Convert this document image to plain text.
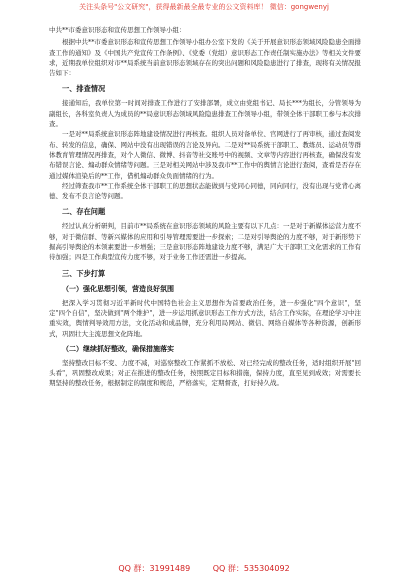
关注头条号"公文研究"，获得最新最全最专业的公文资料库！ 微信：gongwenyj

中共**市委意识形态和宣传思想工作领导小组：

根据中共**市委意识形态和宣传思想工作领导小组办公室下发的《关于开展意识形态领域风险隐患全面排查工作的通知》及《中国共产党宣传工作条例》、《党委（党组）意识形态工作责任制实施办法》等相关文件要求，近期我单位组织对市**局系统当前意识形态领域存在的突出问题和风险隐患进行了排查，现将有关情况报告如下：

一、排查情况

接通知后，我单位第一时间对排查工作进行了安排部署，成立由党组书记、局长***为组长，分管领导为副组长，各科室负责人为成员的**局意识形态领域风险隐患排查工作领导小组，带领全体干部职工参与本次排查。

一是对**局系统意识形态阵地建设情况进行再核查。组织人员对备单位、官网进行了再审核，通过查阅发布、转发的信息，确保、网站中没有出现错误的言论及异向。二是对**局系统干部职工、教练员、运动员等群体教育管理情况再排查，对个人微信、微博、抖音等社交账号中的视频、文章等内容进行再核查，确保没有发布错误言论、煽动群众情绪等问题。三是对相关网站中涉及我市**工作中的舆情言论进行查阅，查看是否存在通过媒体渲染后的**工作，借机煽动群众负面情绪的行为。

经过筛查我市**工作系统全体干部职工的思想状态能做到与党同心同德，同向同行，没有出现与党背心离德、发布不良言论等问题。

二、存在问题

经过认真分析研判，目前市**局系统在意识形态领域的风险主要有以下几点：一是对于新媒体运营力度不够，对于微信群、等新兴媒体的应用和引导管理需要进一步探索；二是对引导舆论的力度不够，对于新形势下掘高引导舆论的本领素要进一步增强；三是意识形态阵地建设力度不够，满足广大干部职工文化需求的工作有待加强；四是工作典型宣传力度不够，对于业务工作还需进一步提高。

三、下步打算
（一）强化思想引领，营造良好氛围

把深入学习贯彻习近平新时代中国特色社会主义思想作为首要政治任务，进一步强化"四个意识"，坚定"四个自信"，坚决做到"两个维护"，进一步运用抓意识形态工作方式方法，结合工作实际，在理论学习中注重实效，舆情判导效用方法，文化活动和成品牌，充分利用局网站、微信、网络自媒体等各种资源，创新形式，巩固壮大主流思想文化阵地。

（二）继续抓好整改，确保措施落实

坚持整改目标不变、力度不减，对巡察整改工作紧抓不放松、对已经完成的整改任务，适时组织开展"回头看"，巩固整改成果；对正在推进的整改任务，按照既定目标和措施，保持力度，直至见到成效；对需要长期坚持的整改任务，根据制定的制度和规范，严格落实，定期督查，打好持久战。

QQ 群：31991489	QQ 群：535304092
